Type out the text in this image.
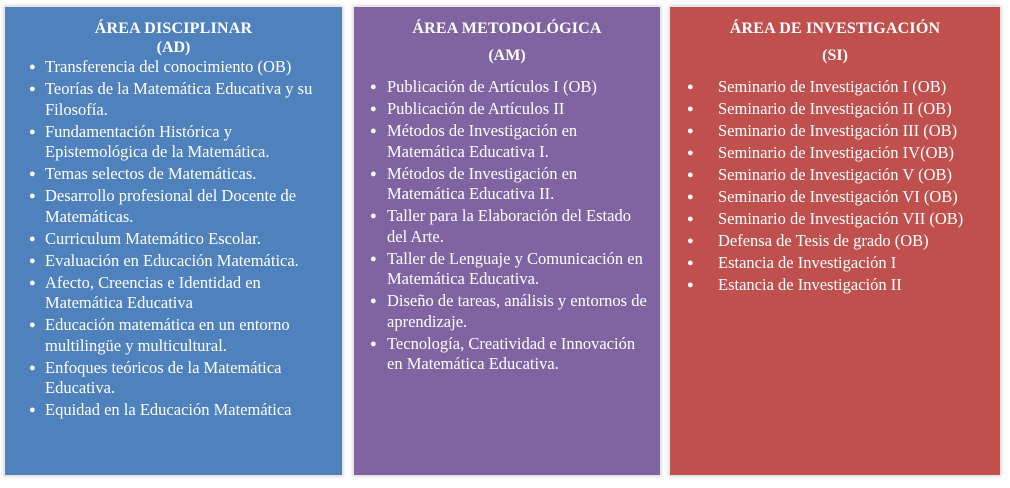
ÁREA DISCIPLINAR
(AD)
● Transferencia del conocimiento (OB)
● Teorías de la Matemática Educativa y su Filosofía.
● Fundamentación Histórica y Epistemológica de la Matemática.
● Temas selectos de Matemáticas.
● Desarrollo profesional del Docente de Matemáticas.
● Curriculum Matemático Escolar.
● Evaluación en Educación Matemática.
● Afecto, Creencias e Identidad en Matemática Educativa
● Educación matemática en un entorno multilingüe y multicultural.
● Enfoques teóricos de la Matemática Educativa.
● Equidad en la Educación Matemática
ÁREA METODOLÓGICA
(AM)
● Publicación de Artículos I (OB)
● Publicación de Artículos II
● Métodos de Investigación en Matemática Educativa I.
● Métodos de Investigación en Matemática Educativa II.
● Taller para la Elaboración del Estado del Arte.
● Taller de Lenguaje y Comunicación en Matemática Educativa.
● Diseño de tareas, análisis y entornos de aprendizaje.
● Tecnología, Creatividad e Innovación en Matemática Educativa.
ÁREA DE INVESTIGACIÓN
(SI)
● Seminario de Investigación I (OB)
● Seminario de Investigación II (OB)
● Seminario de Investigación III (OB)
● Seminario de Investigación IV(OB)
● Seminario de Investigación V (OB)
● Seminario de Investigación VI (OB)
● Seminario de Investigación VII (OB)
● Defensa de Tesis de grado (OB)
● Estancia de Investigación I
● Estancia de Investigación II
